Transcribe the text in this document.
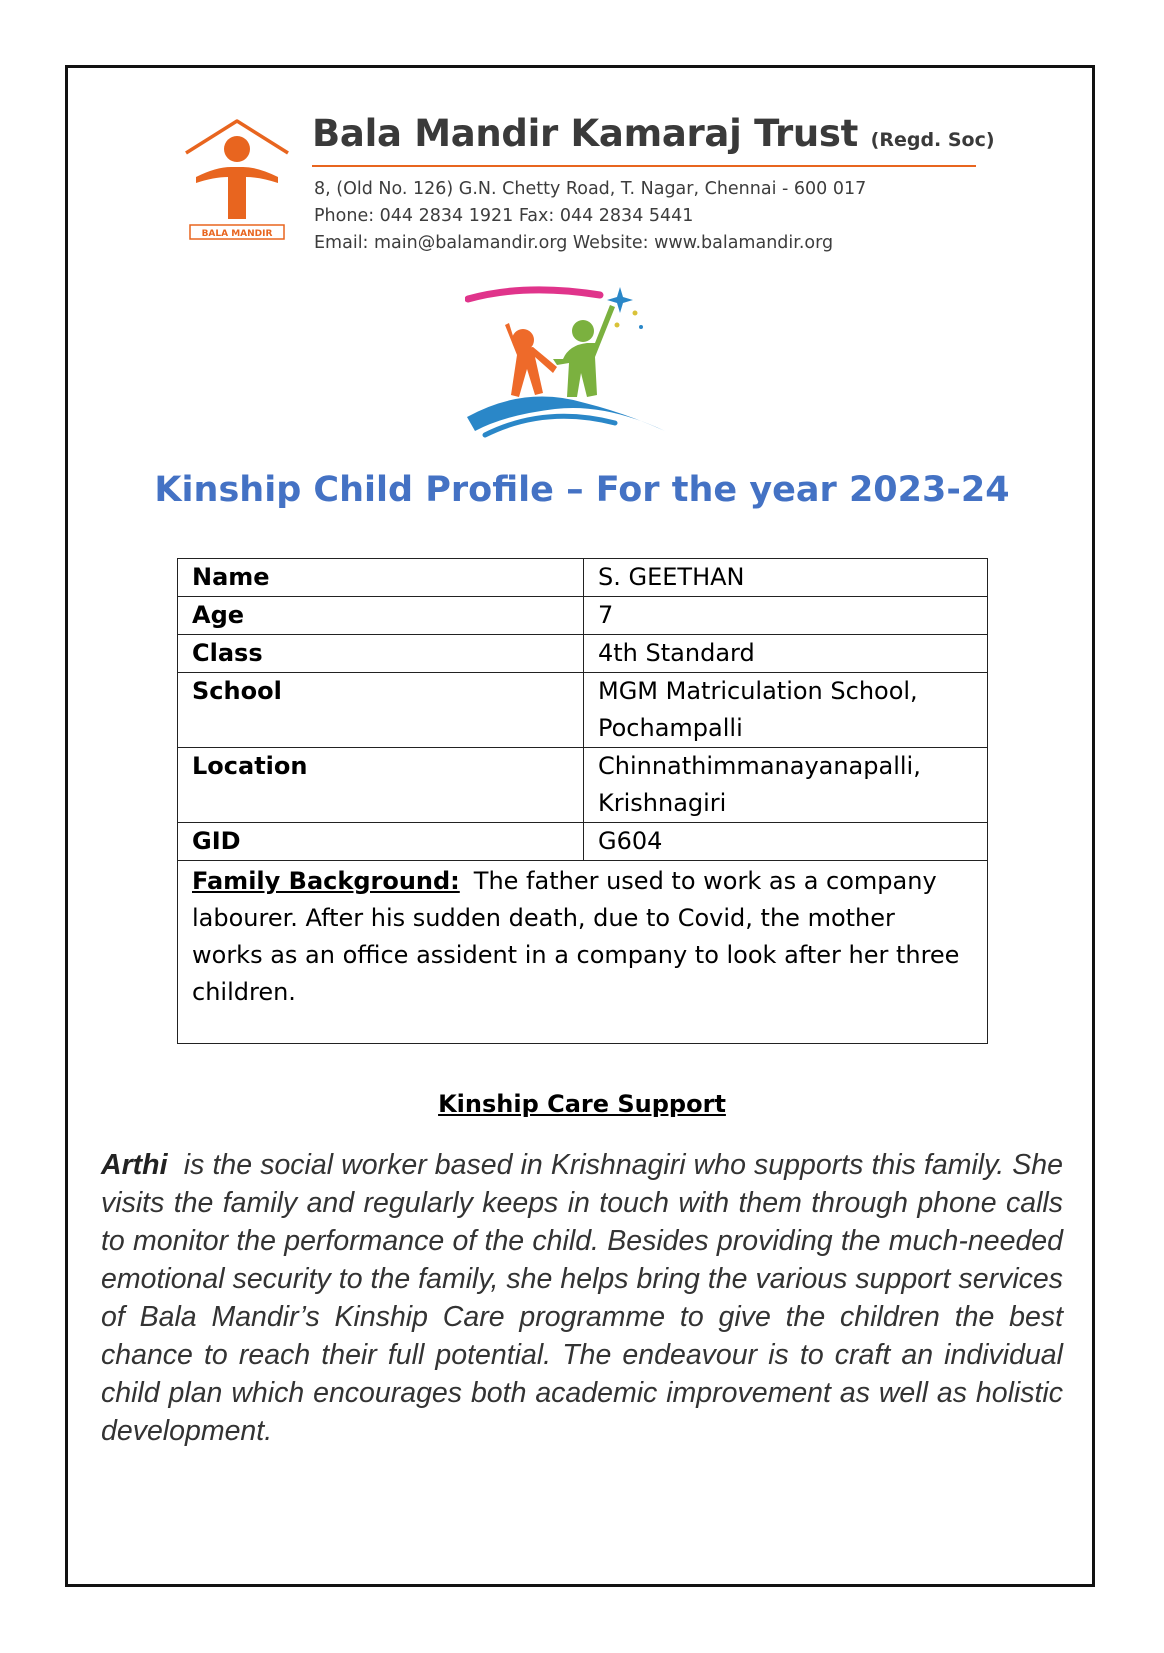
BALA MANDIR
Bala Mandir Kamaraj Trust (Regd. Soc)
8, (Old No. 126) G.N. Chetty Road, T. Nagar, Chennai - 600 017
Phone: 044 2834 1921 Fax: 044 2834 5441
Email: main@balamandir.org Website: www.balamandir.org
Kinship Child Profile – For the year 2023-24
Name	S. GEETHAN
Age	7
Class	4th Standard
School	MGM Matriculation School, Pochampalli
Location	Chinnathimmanayanapalli, Krishnagiri
GID	G604
Family Background: The father used to work as a company labourer. After his sudden death, due to Covid, the mother works as an office assident in a company to look after her three children.	
Kinship Care Support

Arthi is the social worker based in Krishnagiri who supports this family. She visits the family and regularly keeps in touch with them through phone calls to monitor the performance of the child. Besides providing the much-needed emotional security to the family, she helps bring the various support services of Bala Mandir’s Kinship Care programme to give the children the best chance to reach their full potential. The endeavour is to craft an individual child plan which encourages both academic improvement as well as holistic development.
